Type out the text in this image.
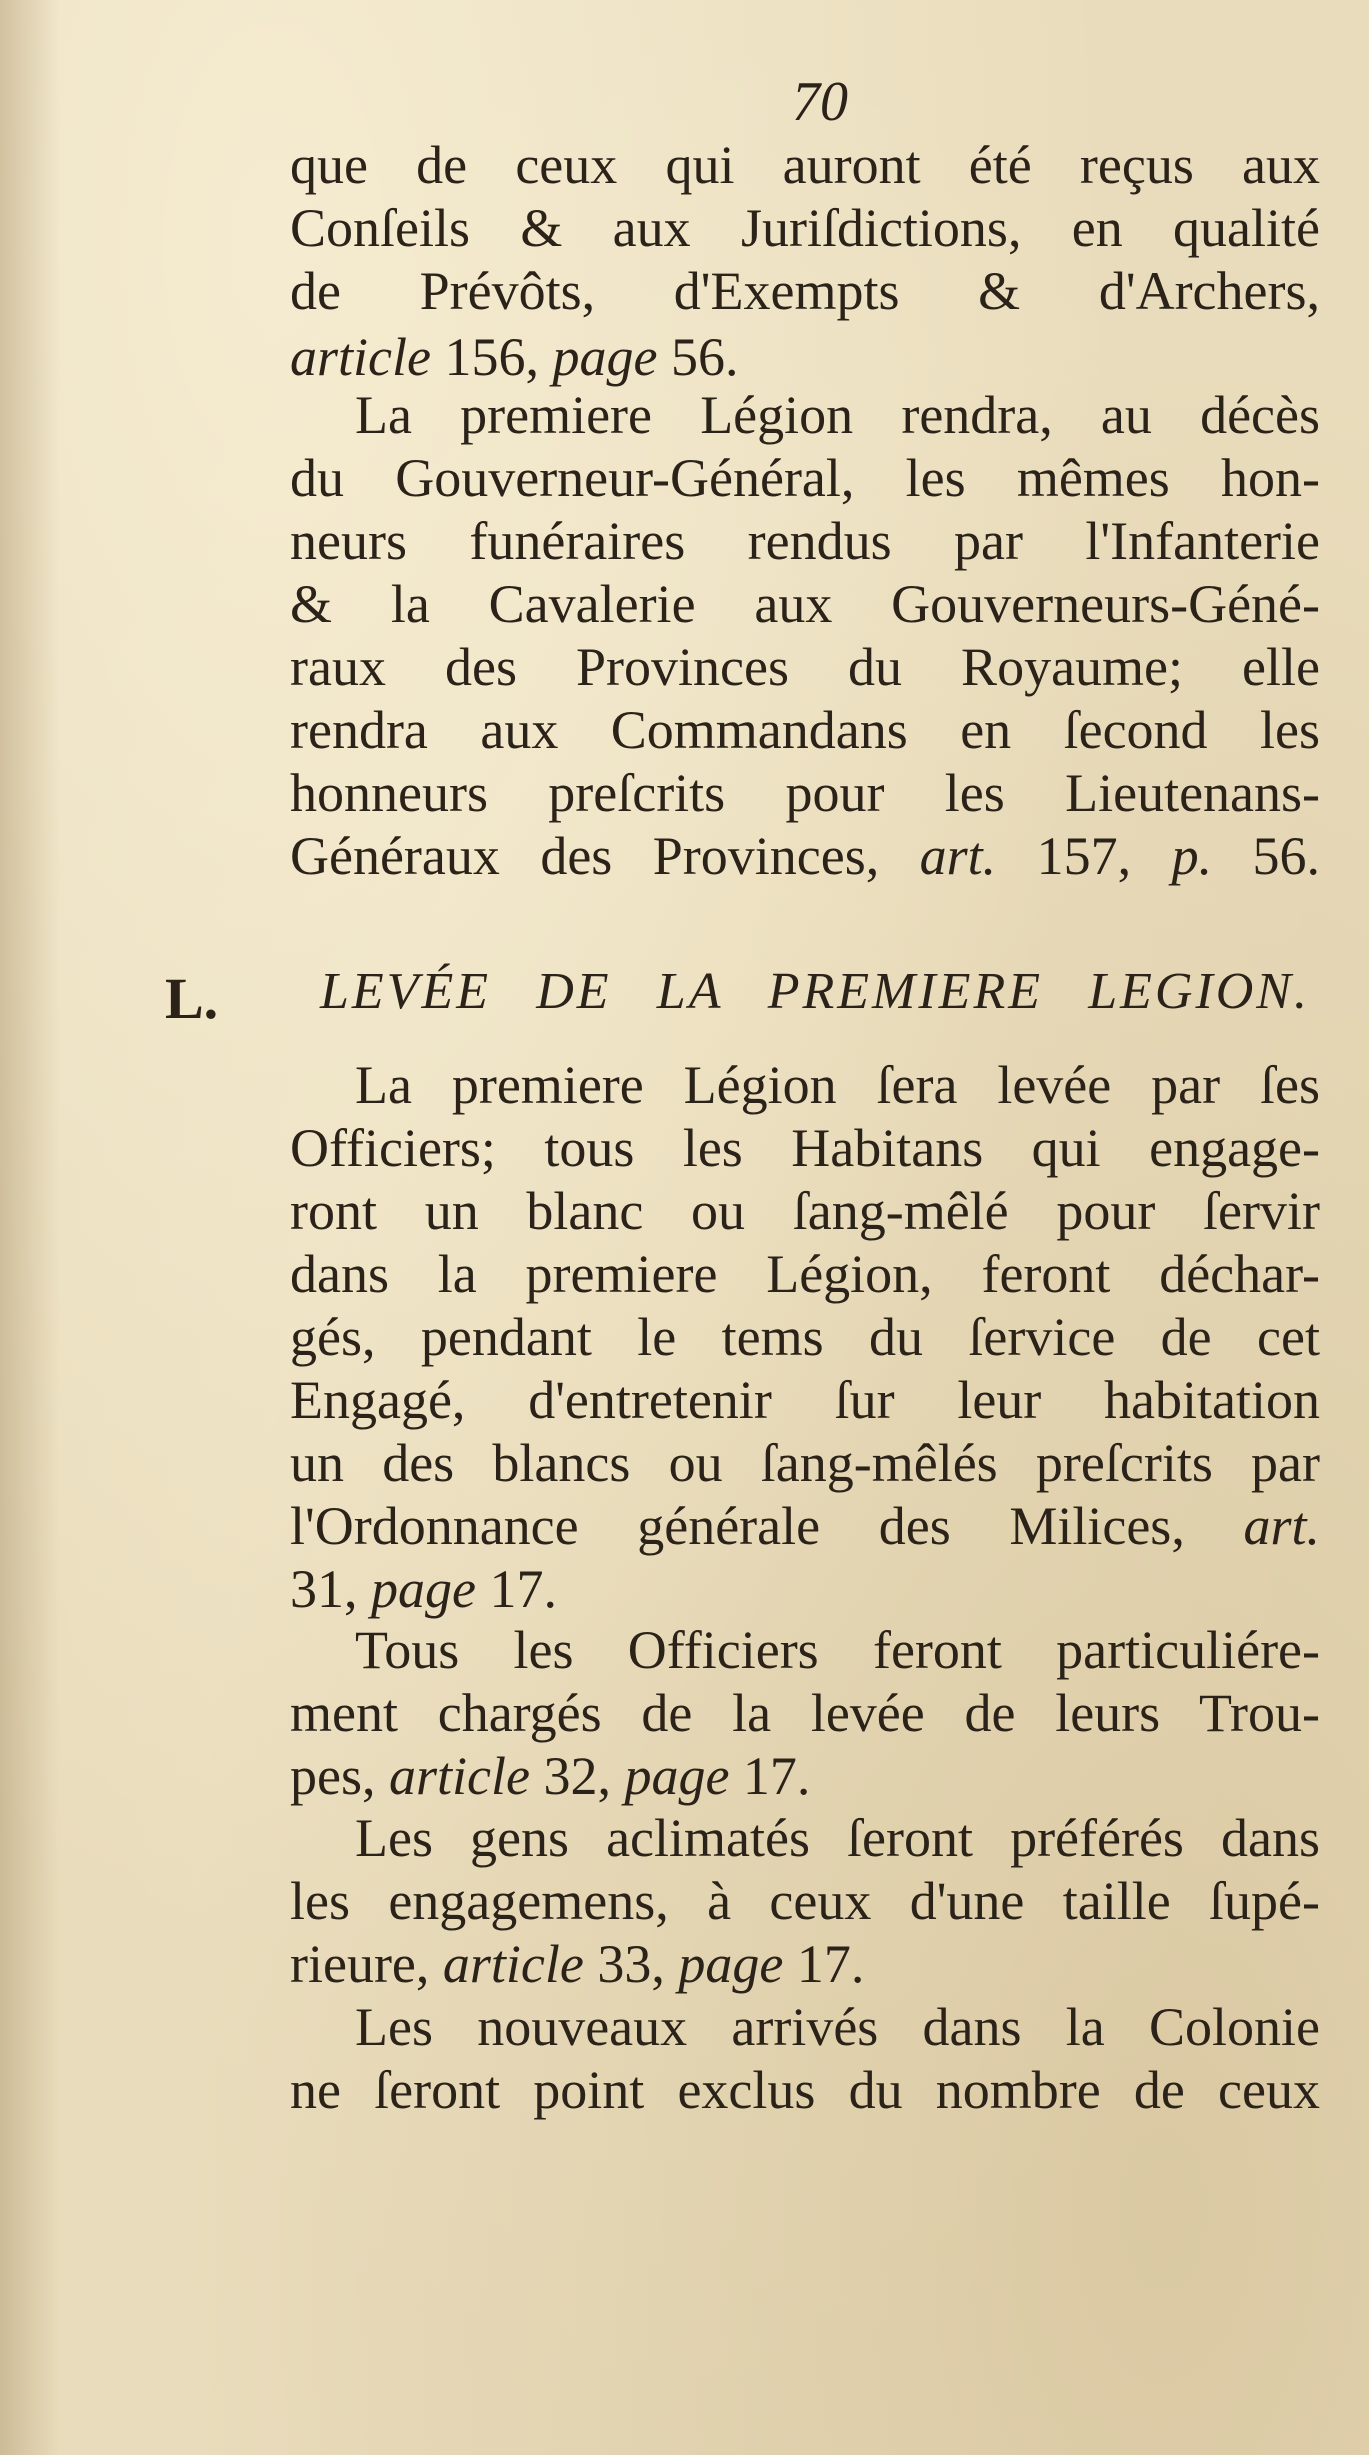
70
L. LEVÉE DE LA PREMIERE LEGION.
que de ceux qui auront été reçus aux
Conſeils & aux Juriſdictions, en qualité
de Prévôts, d'Exempts & d'Archers,
article 156, page 56.
La premiere Légion rendra, au décès
du Gouverneur-Général, les mêmes hon-
neurs funéraires rendus par l'Infanterie
& la Cavalerie aux Gouverneurs-Géné-
raux des Provinces du Royaume; elle
rendra aux Commandans en ſecond les
honneurs preſcrits pour les Lieutenans-
Généraux des Provinces, art. 157, p. 56.
La premiere Légion ſera levée par ſes
Officiers; tous les Habitans qui engage-
ront un blanc ou ſang-mêlé pour ſervir
dans la premiere Légion, feront déchar-
gés, pendant le tems du ſervice de cet
Engagé, d'entretenir ſur leur habitation
un des blancs ou ſang-mêlés preſcrits par
l'Ordonnance générale des Milices, art.
31, page 17.
Tous les Officiers feront particuliére-
ment chargés de la levée de leurs Trou-
pes, article 32, page 17.
Les gens aclimatés ſeront préférés dans
les engagemens, à ceux d'une taille ſupé-
rieure, article 33, page 17.
Les nouveaux arrivés dans la Colonie
ne ſeront point exclus du nombre de ceux
